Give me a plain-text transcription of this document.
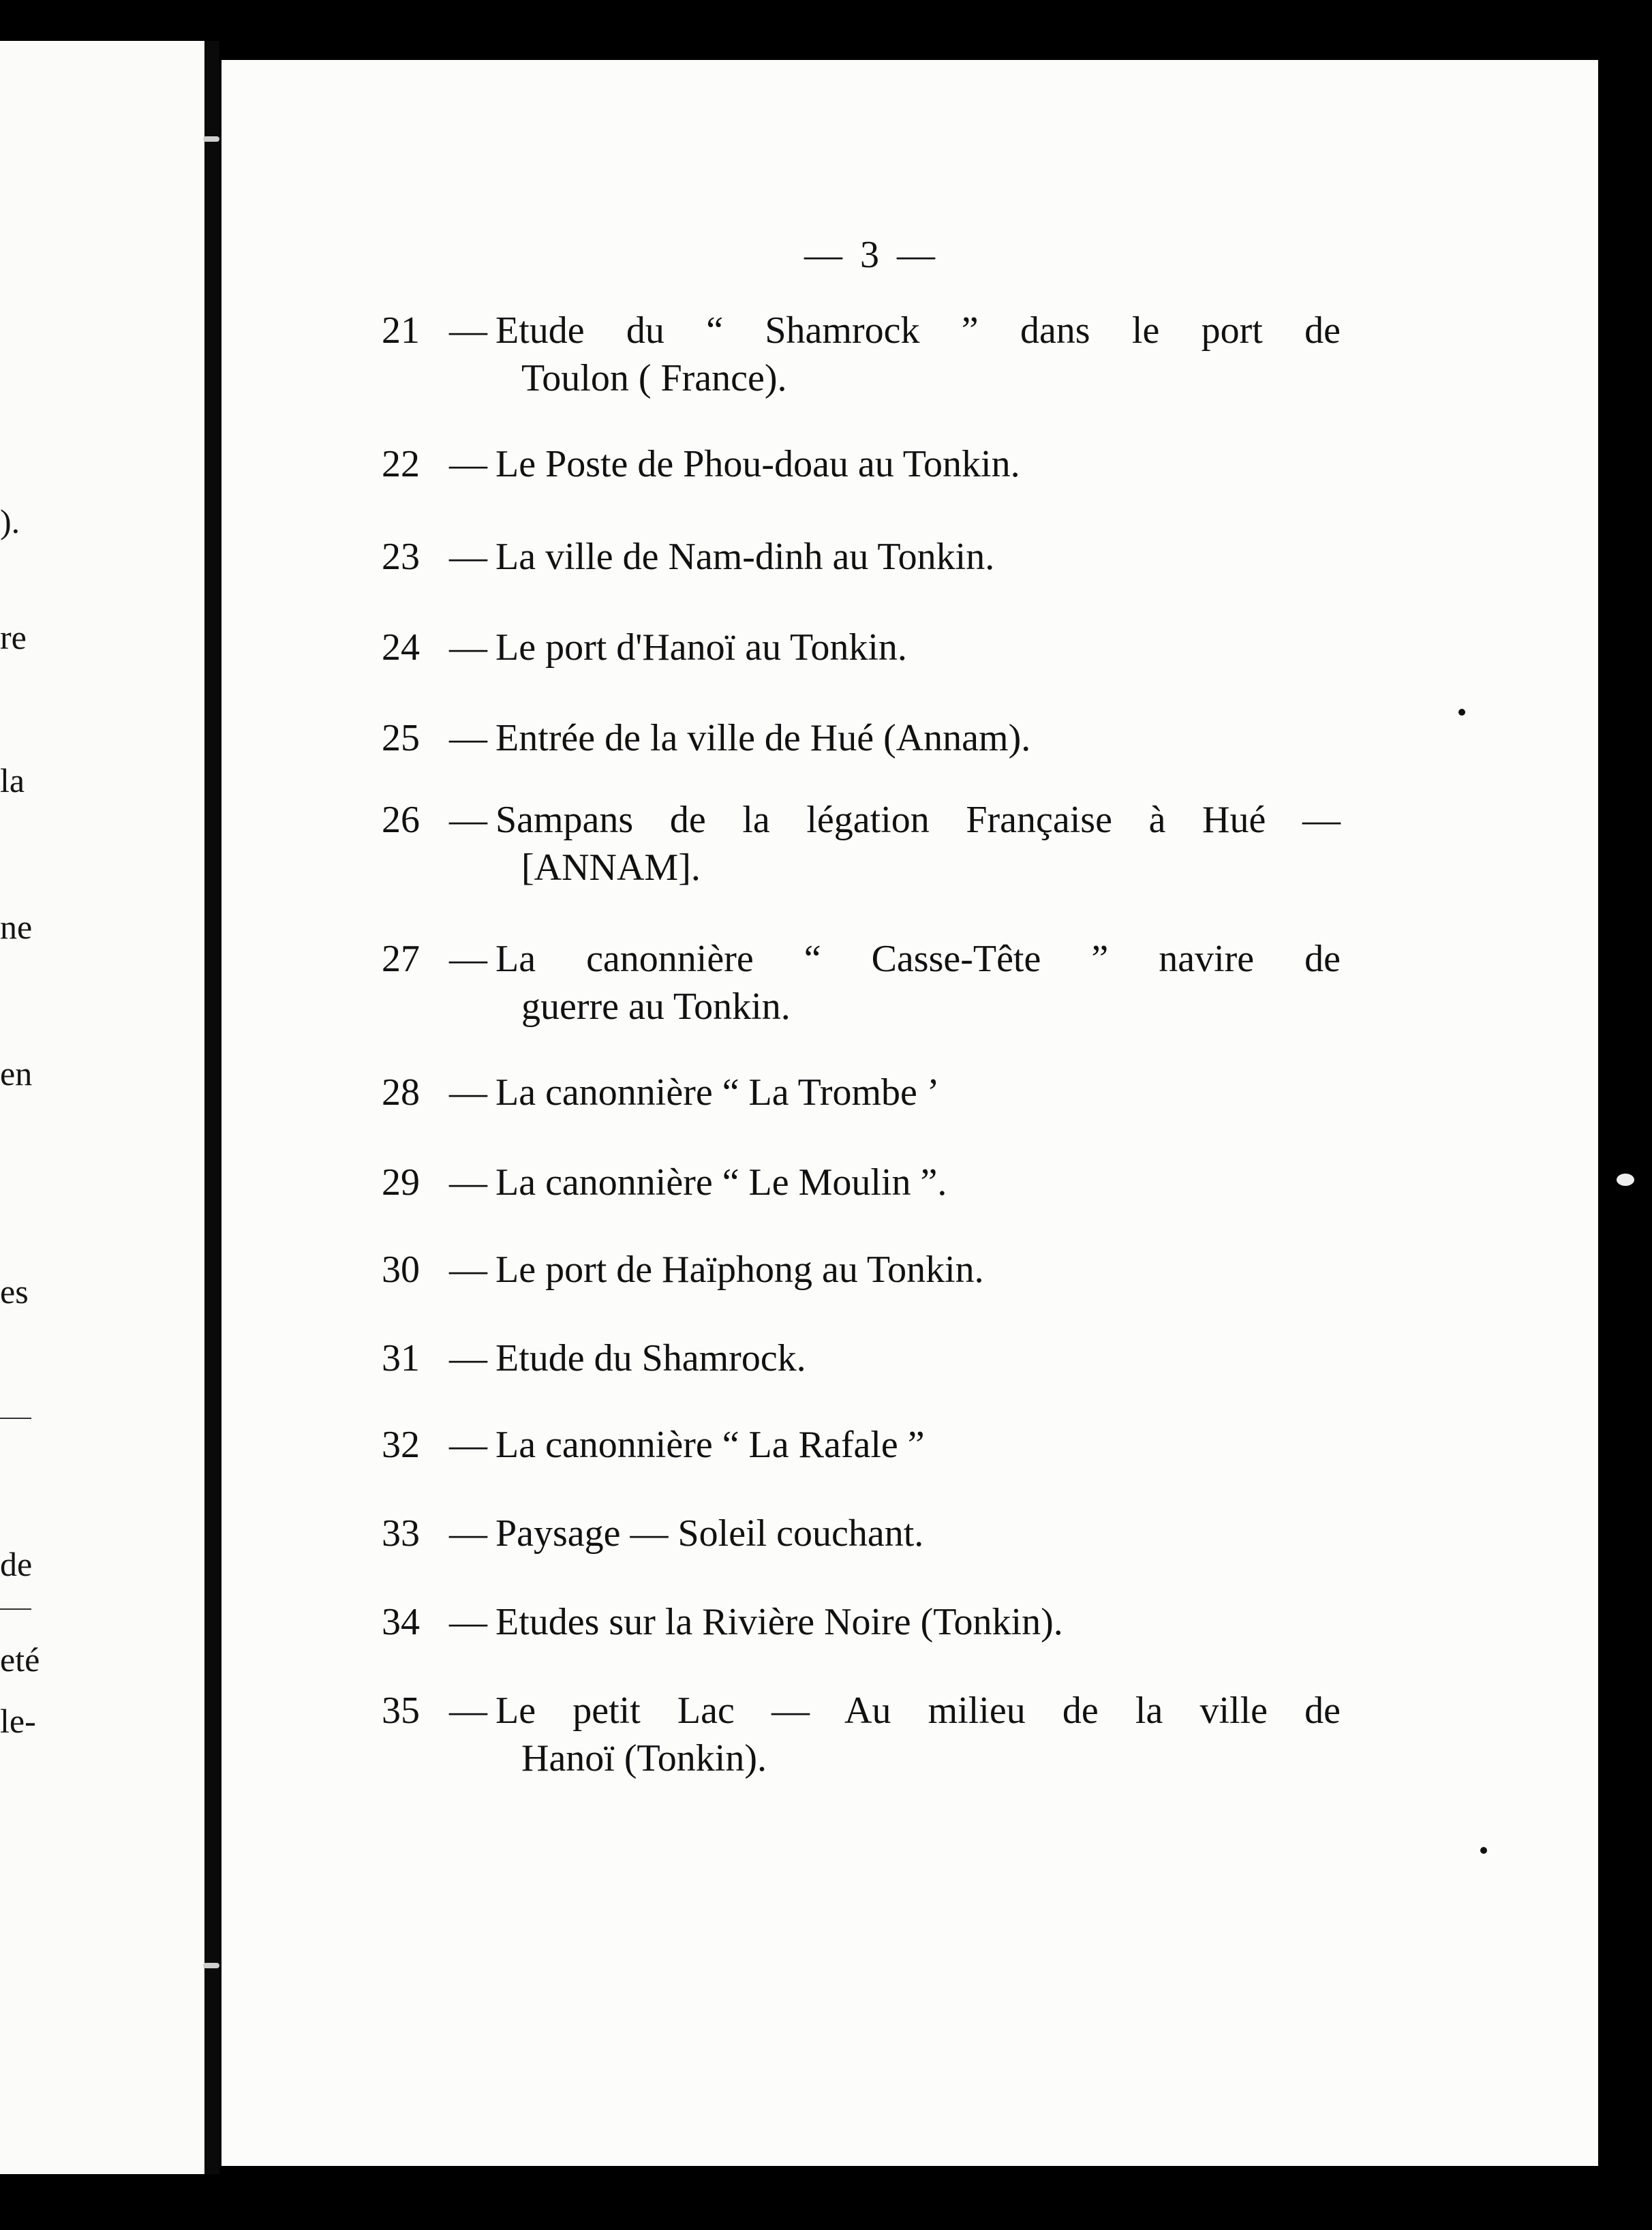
).
re
la
ne
en
es
de
eté
le-
— 3 —
21 — Etude du “ Shamrock ” dans le port de
Toulon ( France).
22 — Le Poste de Phou-doau au Tonkin.
23 — La ville de Nam-dinh au Tonkin.
24 — Le port d'Hanoï au Tonkin.
25 — Entrée de la ville de Hué (Annam).
26 — Sampans de la légation Française à Hué —
[ANNAM].
27 — La canonnière “ Casse-Tête ” navire de
guerre au Tonkin.
28 — La canonnière “ La Trombe ’
29 — La canonnière “ Le Moulin ”.
30 — Le port de Haïphong au Tonkin.
31 — Etude du Shamrock.
32 — La canonnière “ La Rafale ”
33 — Paysage — Soleil couchant.
34 — Etudes sur la Rivière Noire (Tonkin).
35 — Le petit Lac — Au milieu de la ville de
Hanoï (Tonkin).
